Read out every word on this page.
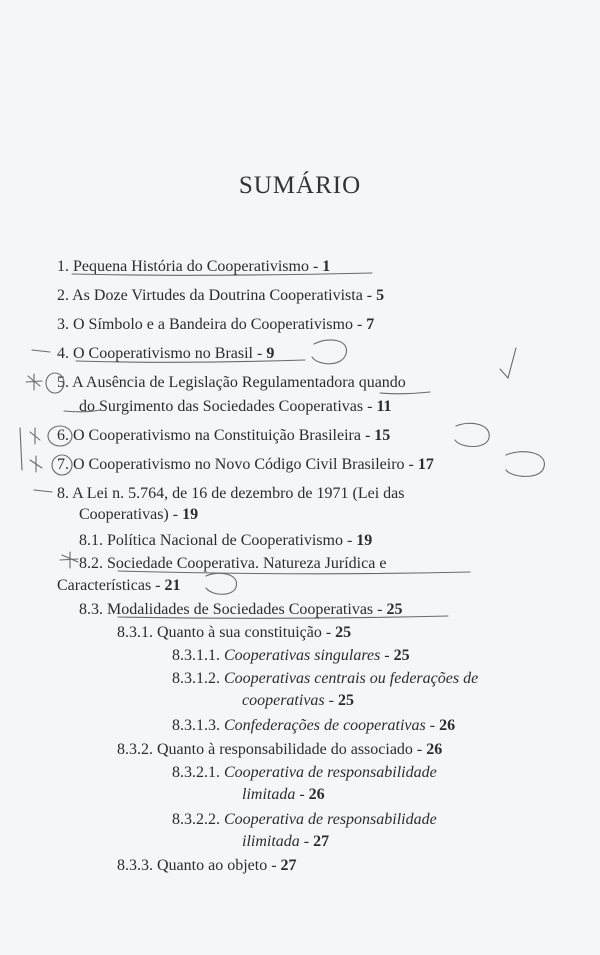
SUMÁRIO
1. Pequena História do Cooperativismo - 1
2. As Doze Virtudes da Doutrina Cooperativista - 5
3. O Símbolo e a Bandeira do Cooperativismo - 7
4. O Cooperativismo no Brasil - 9
5. A Ausência de Legislação Regulamentadora quando
do Surgimento das Sociedades Cooperativas - 11
6. O Cooperativismo na Constituição Brasileira - 15
7. O Cooperativismo no Novo Código Civil Brasileiro - 17
8. A Lei n. 5.764, de 16 de dezembro de 1971 (Lei das
Cooperativas) - 19
8.1. Política Nacional de Cooperativismo - 19
8.2. Sociedade Cooperativa. Natureza Jurídica e
Características - 21
8.3. Modalidades de Sociedades Cooperativas - 25
8.3.1. Quanto à sua constituição - 25
8.3.1.1. Cooperativas singulares - 25
8.3.1.2. Cooperativas centrais ou federações de
cooperativas - 25
8.3.1.3. Confederações de cooperativas - 26
8.3.2. Quanto à responsabilidade do associado - 26
8.3.2.1. Cooperativa de responsabilidade
limitada - 26
8.3.2.2. Cooperativa de responsabilidade
ilimitada - 27
8.3.3. Quanto ao objeto - 27
